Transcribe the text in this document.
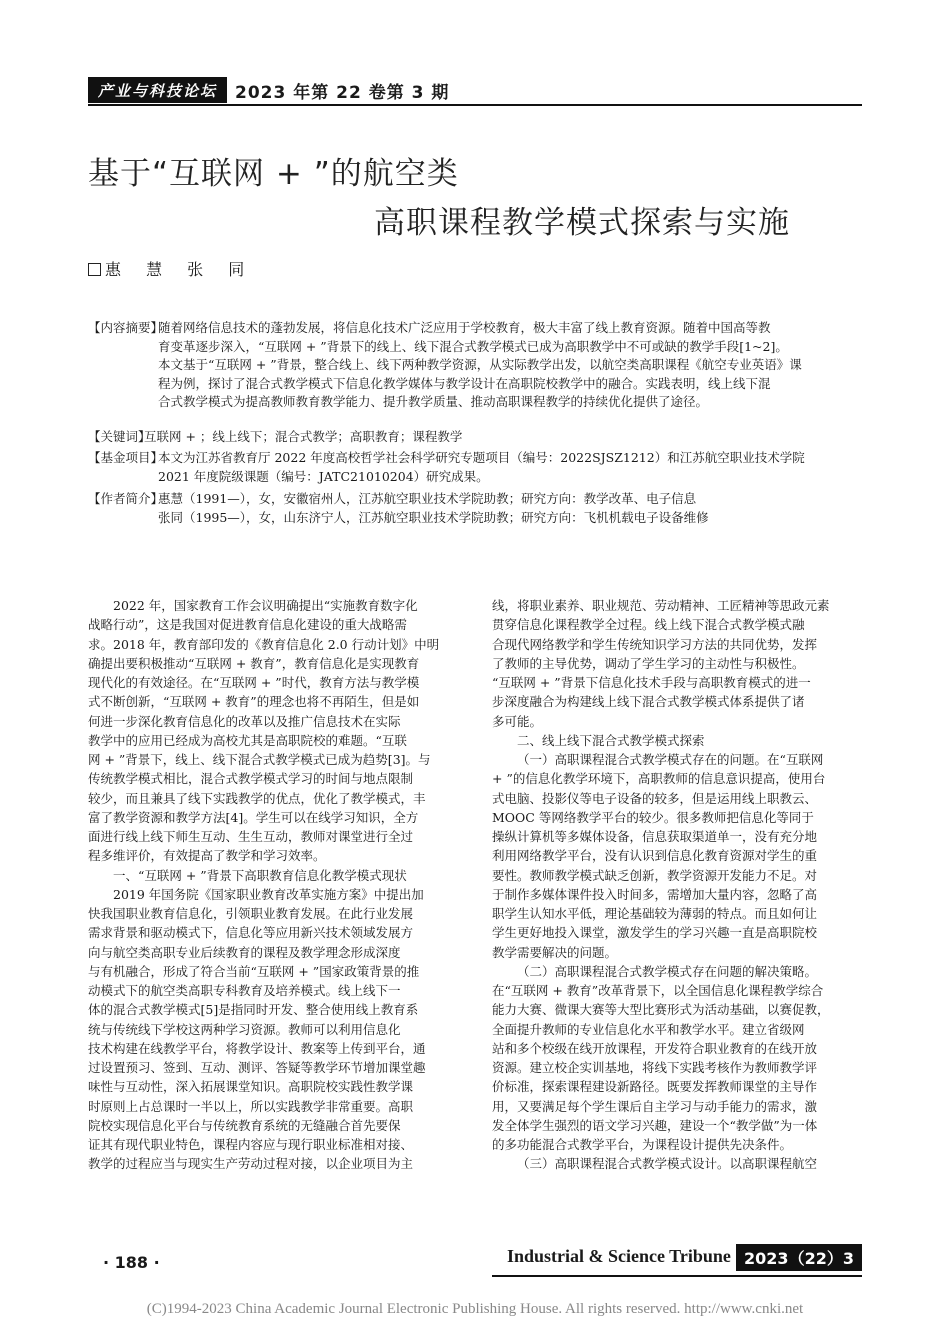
产业与科技论坛	2023 年第 22 卷第 3 期
基于“互联网 + ”的航空类
高职课程教学模式探索与实施
惠 慧 张 同
【内容摘要】
随着网络信息技术的蓬勃发展，将信息化技术广泛应用于学校教育，极大丰富了线上教育资源。随着中国高等教
育变革逐步深入，“互联网 + ”背景下的线上、线下混合式教学模式已成为高职教学中不可或缺的教学手段[1~2]。
本文基于“互联网 + ”背景，整合线上、线下两种教学资源，从实际教学出发，以航空类高职课程《航空专业英语》课
程为例，探讨了混合式教学模式下信息化教学媒体与教学设计在高职院校教学中的融合。实践表明，线上线下混
合式教学模式为提高教师教育教学能力、提升教学质量、推动高职课程教学的持续优化提供了途径。
【关键词】
互联网 + ；线上线下；混合式教学；高职教育；课程教学
【基金项目】
本文为江苏省教育厅 2022 年度高校哲学社会科学研究专题项目（编号：2022SJSZ1212）和江苏航空职业技术学院
2021 年度院级课题（编号：JATC21010204）研究成果。
【作者简介】
惠慧（1991—），女，安徽宿州人，江苏航空职业技术学院助教；研究方向：教学改革、电子信息
张同（1995—），女，山东济宁人，江苏航空职业技术学院助教；研究方向：飞机机载电子设备维修
2022 年，国家教育工作会议明确提出“实施教育数字化
战略行动”，这是我国对促进教育信息化建设的重大战略需
求。2018 年，教育部印发的《教育信息化 2.0 行动计划》中明
确提出要积极推动“互联网 + 教育”，教育信息化是实现教育
现代化的有效途径。在“互联网 + ”时代，教育方法与教学模
式不断创新，“互联网 + 教育”的理念也将不再陌生，但是如
何进一步深化教育信息化的改革以及推广信息技术在实际
教学中的应用已经成为高校尤其是高职院校的难题。“互联
网 + ”背景下，线上、线下混合式教学模式已成为趋势[3]。与
传统教学模式相比，混合式教学模式学习的时间与地点限制
较少，而且兼具了线下实践教学的优点，优化了教学模式，丰
富了教学资源和教学方法[4]。学生可以在线学习知识，全方
面进行线上线下师生互动、生生互动，教师对课堂进行全过
程多维评价，有效提高了教学和学习效率。
一、“互联网 + ”背景下高职教育信息化教学模式现状
2019 年国务院《国家职业教育改革实施方案》中提出加
快我国职业教育信息化，引领职业教育发展。在此行业发展
需求背景和驱动模式下，信息化等应用新兴技术领域发展方
向与航空类高职专业后续教育的课程及教学理念形成深度
与有机融合，形成了符合当前“互联网 + ”国家政策背景的推
动模式下的航空类高职专科教育及培养模式。线上线下一
体的混合式教学模式[5]是指同时开发、整合使用线上教育系
统与传统线下学校这两种学习资源。教师可以利用信息化
技术构建在线教学平台，将教学设计、教案等上传到平台，通
过设置预习、签到、互动、测评、答疑等教学环节增加课堂趣
味性与互动性，深入拓展课堂知识。高职院校实践性教学课
时原则上占总课时一半以上，所以实践教学非常重要。高职
院校实现信息化平台与传统教育系统的无缝融合首先要保
证其有现代职业特色，课程内容应与现行职业标准相对接、
教学的过程应当与现实生产劳动过程对接，以企业项目为主
线，将职业素养、职业规范、劳动精神、工匠精神等思政元素
贯穿信息化课程教学全过程。线上线下混合式教学模式融
合现代网络教学和学生传统知识学习方法的共同优势，发挥
了教师的主导优势，调动了学生学习的主动性与积极性。
“互联网 + ”背景下信息化技术手段与高职教育模式的进一
步深度融合为构建线上线下混合式教学模式体系提供了诸
多可能。
二、线上线下混合式教学模式探索
（一）高职课程混合式教学模式存在的问题。在“互联网
+ ”的信息化教学环境下，高职教师的信息意识提高，使用台
式电脑、投影仪等电子设备的较多，但是运用线上职教云、
MOOC 等网络教学平台的较少。很多教师把信息化等同于
操纵计算机等多媒体设备，信息获取渠道单一，没有充分地
利用网络教学平台，没有认识到信息化教育资源对学生的重
要性。教师教学模式缺乏创新，教学资源开发能力不足。对
于制作多媒体课件投入时间多，需增加大量内容，忽略了高
职学生认知水平低，理论基础较为薄弱的特点。而且如何让
学生更好地投入课堂，激发学生的学习兴趣一直是高职院校
教学需要解决的问题。
（二）高职课程混合式教学模式存在问题的解决策略。
在“互联网 + 教育”改革背景下，以全国信息化课程教学综合
能力大赛、微课大赛等大型比赛形式为活动基础，以赛促教，
全面提升教师的专业信息化水平和教学水平。建立省级网
站和多个校级在线开放课程，开发符合职业教育的在线开放
资源。建立校企实训基地，将线下实践考核作为教师教学评
价标准，探索课程建设新路径。既要发挥教师课堂的主导作
用，又要满足每个学生课后自主学习与动手能力的需求，激
发全体学生强烈的语文学习兴趣，建设一个“教学做”为一体
的多功能混合式教学平台，为课程设计提供先决条件。
（三）高职课程混合式教学模式设计。以高职课程航空
· 188 ·	Industrial & Science Tribune 2023（22）3
(C)1994-2023 China Academic Journal Electronic Publishing House. All rights reserved. http://www.cnki.net
